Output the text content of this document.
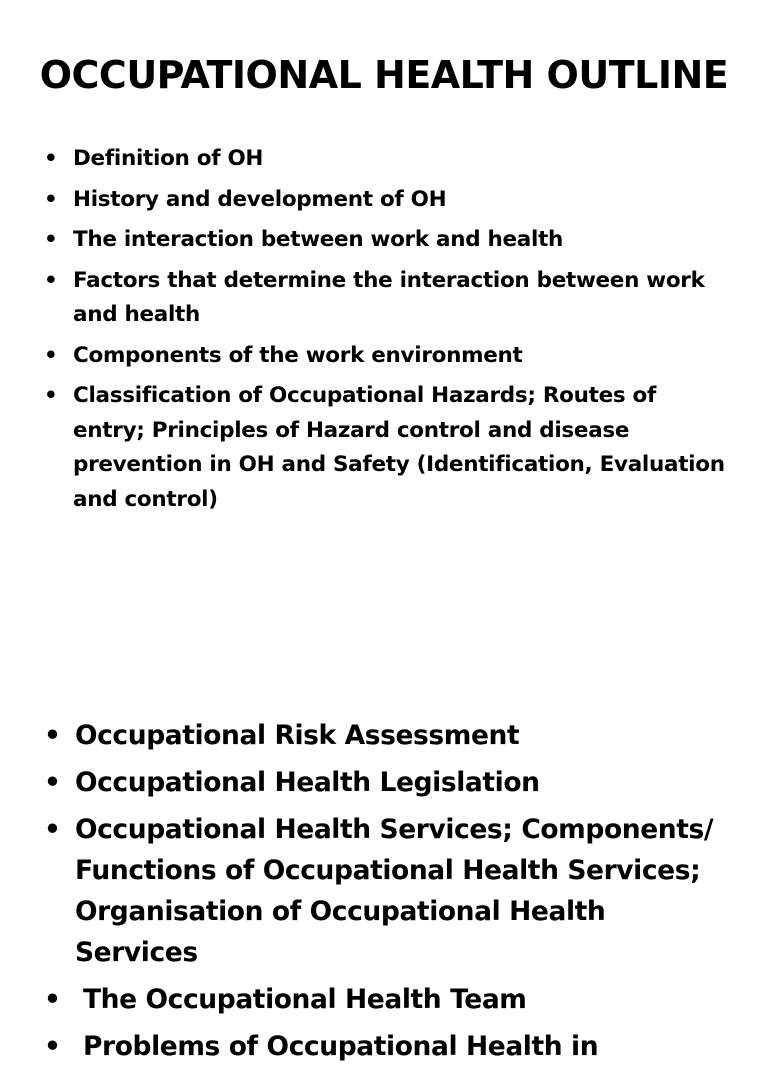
OCCUPATIONAL HEALTH OUTLINE
• Definition of OH
• History and development of OH
• The interaction between work and health
• Factors that determine the interaction between work and health
• Components of the work environment
• Classification of Occupational Hazards; Routes of entry; Principles of Hazard control and disease prevention in OH and Safety (Identification, Evaluation and control)
• Occupational Risk Assessment
• Occupational Health Legislation
• Occupational Health Services; Components/ Functions of Occupational Health Services; Organisation of Occupational Health Services
• The Occupational Health Team
• Problems of Occupational Health in
